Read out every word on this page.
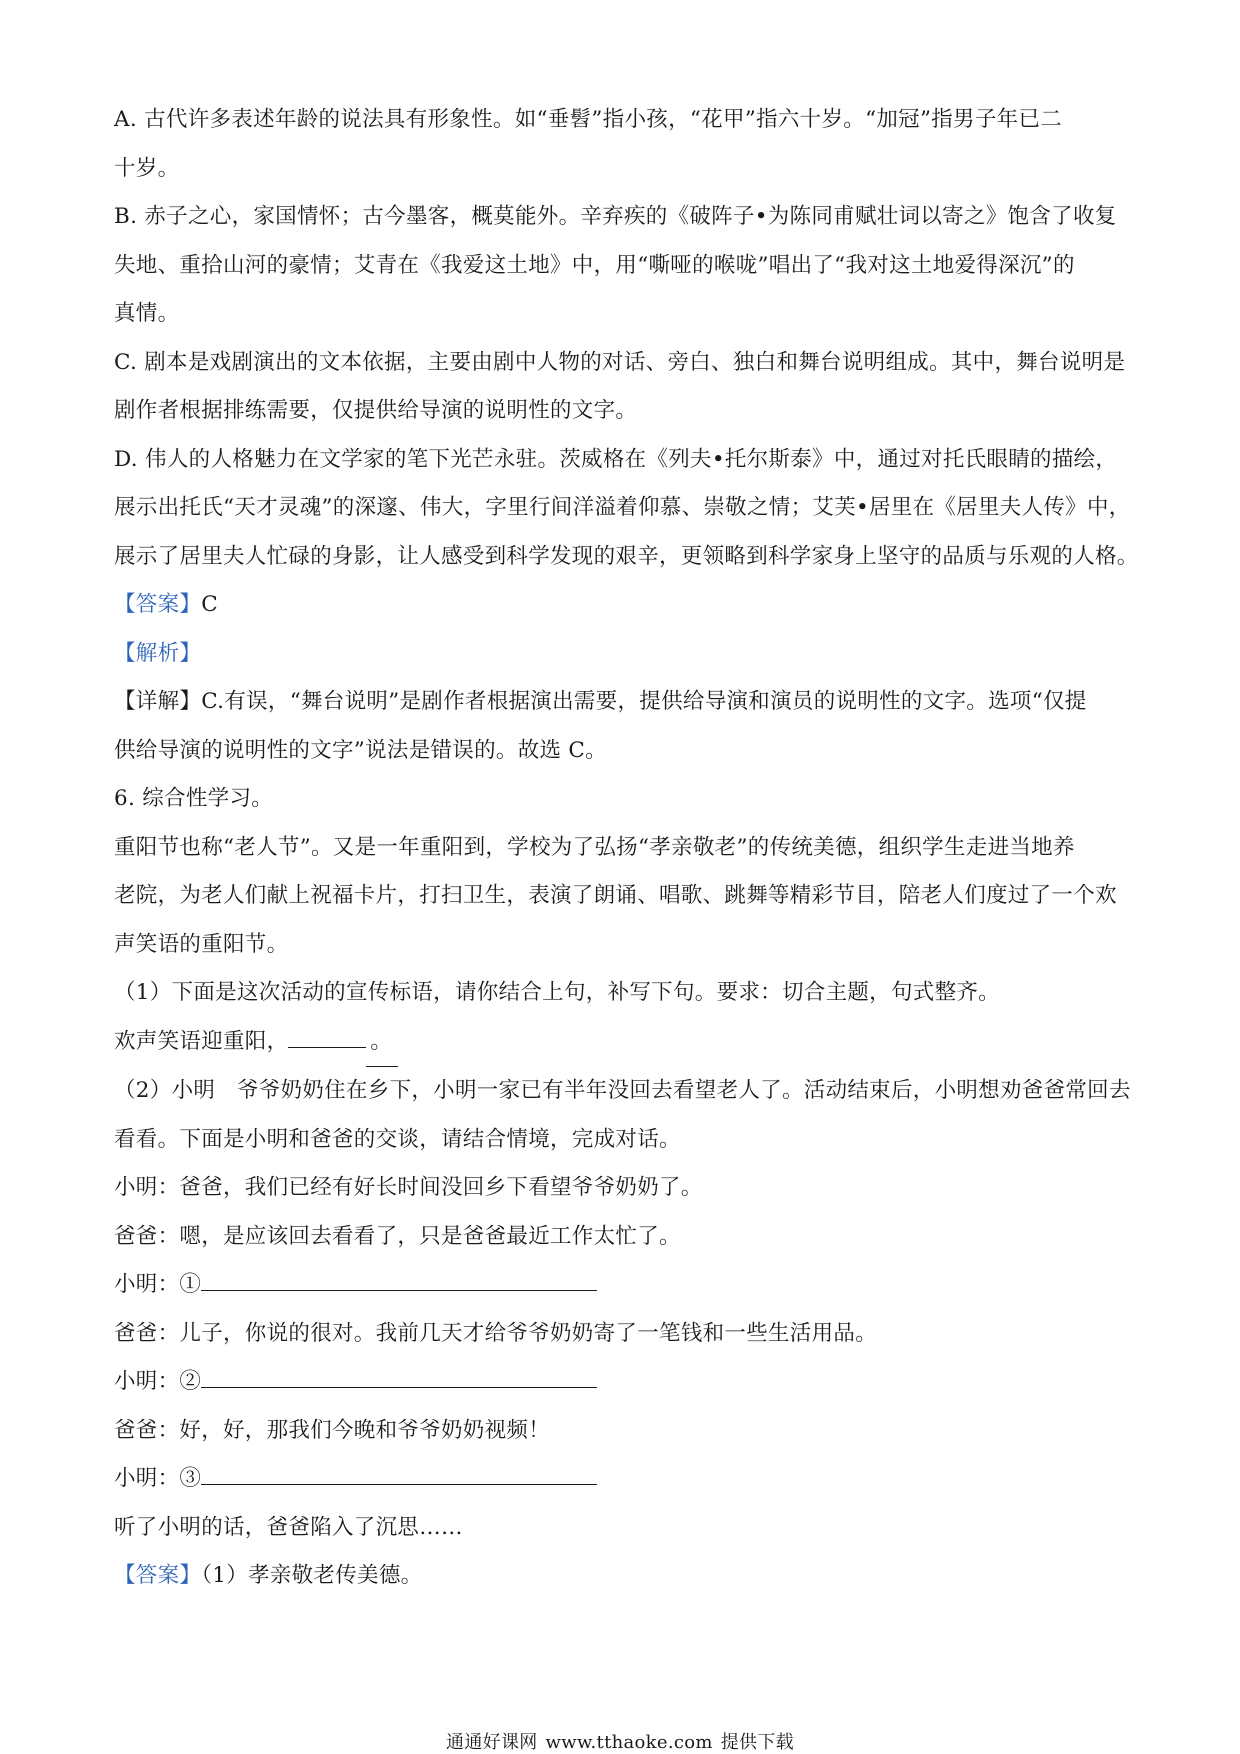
A. 古代许多表述年龄的说法具有形象性。如“垂髫”指小孩，“花甲”指六十岁。“加冠”指男子年已二
十岁。
B. 赤子之心，家国情怀；古今墨客，概莫能外。辛弃疾的《破阵子•为陈同甫赋壮词以寄之》饱含了收复
失地、重拾山河的豪情；艾青在《我爱这土地》中，用“嘶哑的喉咙”唱出了“我对这土地爱得深沉”的
真情。
C. 剧本是戏剧演出的文本依据，主要由剧中人物的对话、旁白、独白和舞台说明组成。其中，舞台说明是
剧作者根据排练需要，仅提供给导演的说明性的文字。
D. 伟人的人格魅力在文学家的笔下光芒永驻。茨威格在《列夫•托尔斯泰》中，通过对托氏眼睛的描绘，
展示出托氏“天才灵魂”的深邃、伟大，字里行间洋溢着仰慕、崇敬之情；艾芙•居里在《居里夫人传》中，
展示了居里夫人忙碌的身影，让人感受到科学发现的艰辛，更领略到科学家身上坚守的品质与乐观的人格。
【答案】C
【解析】
【详解】C.有误，“舞台说明”是剧作者根据演出需要，提供给导演和演员的说明性的文字。选项“仅提
供给导演的说明性的文字”说法是错误的。故选 C。
6. 综合性学习。
重阳节也称“老人节”。又是一年重阳到，学校为了弘扬“孝亲敬老”的传统美德，组织学生走进当地养
老院，为老人们献上祝福卡片，打扫卫生，表演了朗诵、唱歌、跳舞等精彩节目，陪老人们度过了一个欢
声笑语的重阳节。
（1）下面是这次活动的宣传标语，请你结合上句，补写下句。要求：切合主题，句式整齐。
欢声笑语迎重阳，	。
（2）小明　爷爷奶奶住在乡下，小明一家已有半年没回去看望老人了。活动结束后，小明想劝爸爸常回去
看看。下面是小明和爸爸的交谈，请结合情境，完成对话。
小明：爸爸，我们已经有好长时间没回乡下看望爷爷奶奶了。
爸爸：嗯，是应该回去看看了，只是爸爸最近工作太忙了。
小明：①
爸爸：儿子，你说的很对。我前几天才给爷爷奶奶寄了一笔钱和一些生活用品。
小明：②
爸爸：好，好，那我们今晚和爷爷奶奶视频！
小明：③
听了小明的话，爸爸陷入了沉思……
【答案】（1）孝亲敬老传美德。
通通好课网 www.tthaoke.com 提供下载
